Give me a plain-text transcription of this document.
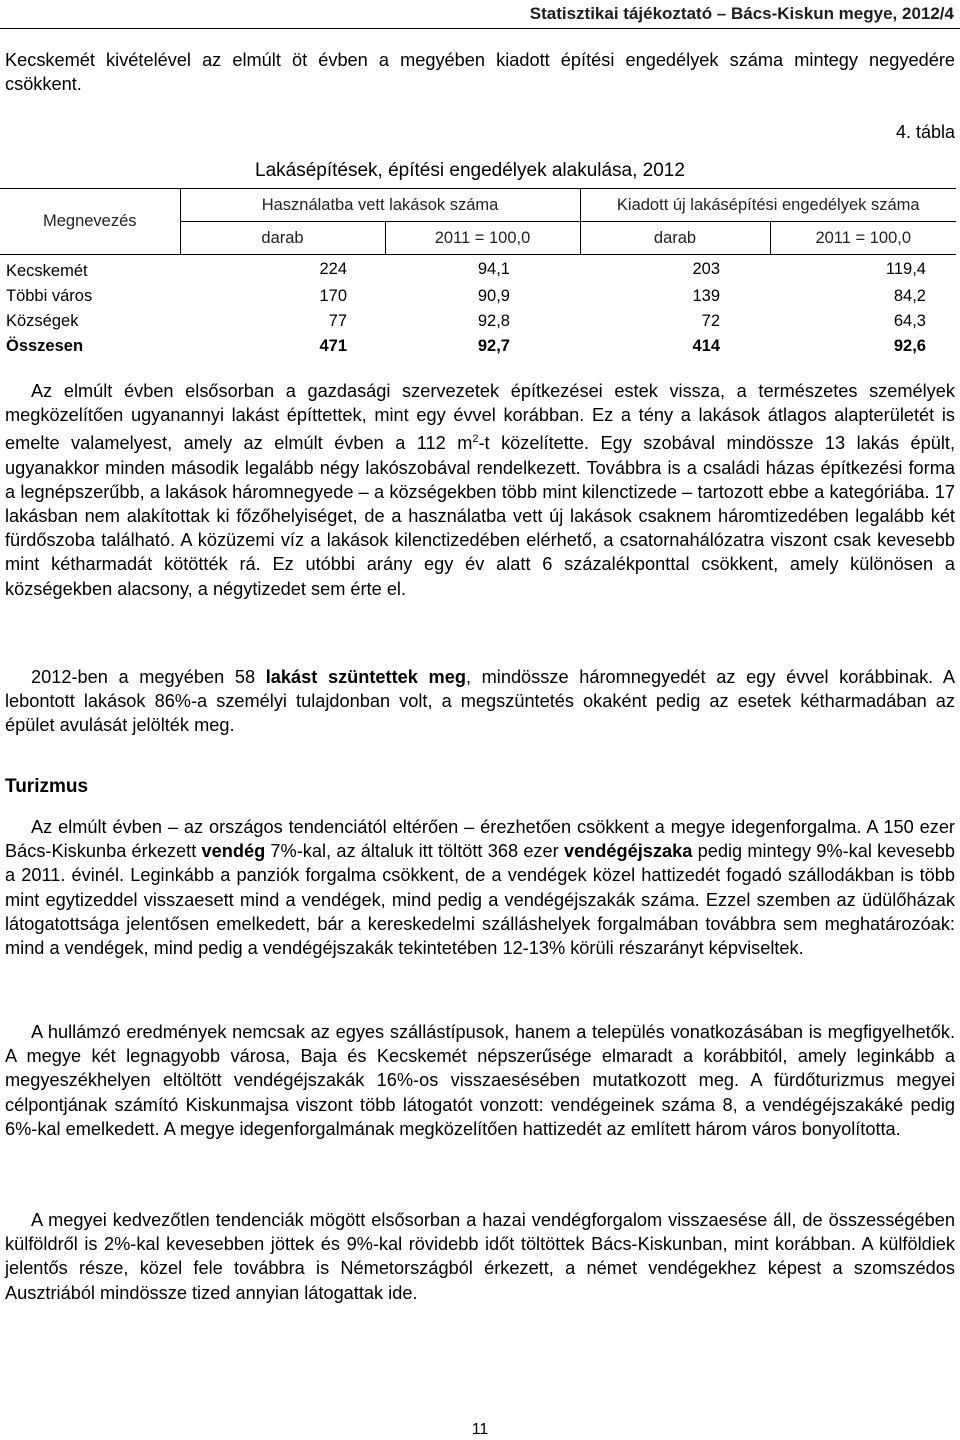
Statisztikai tájékoztató – Bács-Kiskun megye, 2012/4

Kecskemét kivételével az elmúlt öt évben a megyében kiadott építési engedélyek száma mintegy negyedére csökkent.

4. tábla
Lakásépítések, építési engedélyek alakulása, 2012
Megnevezés	Használatba vett lakások száma		Kiadott új lakásépítési engedélyek száma	
	darab	2011 = 100,0	darab	2011 = 100,0
Kecskemét	224	94,1	203	119,4
Többi város	170	90,9	139	84,2
Községek	77	92,8	72	64,3
Összesen	471	92,7	414	92,6

Az elmúlt évben elsősorban a gazdasági szervezetek építkezései estek vissza, a természetes személyek megközelítően ugyanannyi lakást építtettek, mint egy évvel korábban. Ez a tény a lakások átlagos alapterületét is emelte valamelyest, amely az elmúlt évben a 112 $m^2-t$ közelítette. Egy szobával mindössze 13 lakás épült, ugyanakkor minden második legalább négy lakószobával rendelkezett. Továbbra is a családi házas építkezési forma a legnépszerűbb, a lakások háromnegyede – a községekben több mint kilenctizede – tartozott ebbe a kategóriába. 17 lakásban nem alakítottak ki főzőhelyiséget, de a használatba vett új lakások csaknem háromtizedében legalább két fürdőszoba található. A közüzemi víz a lakások kilenctizedében elérhető, a csatornahálózatra viszont csak kevesebb mint kétharmadát kötötték rá. Ez utóbbi arány egy év alatt 6 százalékponttal csökkent, amely különösen a községekben alacsony, a négytizedet sem érte el.

2012-ben a megyében 58 lakást szüntettek meg, mindössze háromnegyedét az egy évvel korábbinak. A lebontott lakások 86%-a személyi tulajdonban volt, a megszüntetés okaként pedig az esetek kétharmadában az épület avulását jelölték meg.

Turizmus

Az elmúlt évben – az országos tendenciától eltérően – érezhetően csökkent a megye idegenforgalma. A 150 ezer Bács-Kiskunba érkezett vendég 7%-kal, az általuk itt töltött 368 ezer vendégéjszaka pedig mintegy 9%-kal kevesebb a 2011. évinél. Leginkább a panziók forgalma csökkent, de a vendégek közel hattizedét fogadó szállodákban is több mint egytizeddel visszaesett mind a vendégek, mind pedig a vendégéjszakák száma. Ezzel szemben az üdülőházak látogatottsága jelentősen emelkedett, bár a kereskedelmi szálláshelyek forgalmában továbbra sem meghatározóak: mind a vendégek, mind pedig a vendégéjszakák tekintetében 12-13% körüli részarányt képviseltek.

A hullámzó eredmények nemcsak az egyes szállástípusok, hanem a település vonatkozásában is megfigyelhetők. A megye két legnagyobb városa, Baja és Kecskemét népszerűsége elmaradt a korábbitól, amely leginkább a megyeszékhelyen eltöltött vendégéjszakák 16%-os visszaesésében mutatkozott meg. A fürdőturizmus megyei célpontjának számító Kiskunmajsa viszont több látogatót vonzott: vendégeinek száma 8, a vendégéjszakáké pedig 6%-kal emelkedett. A megye idegenforgalmának megközelítően hattizedét az említett három város bonyolította.

A megyei kedvezőtlen tendenciák mögött elsősorban a hazai vendégforgalom visszaesése áll, de összességében külföldről is 2%-kal kevesebben jöttek és 9%-kal rövidebb időt töltöttek Bács-Kiskunban, mint korábban. A külföldiek jelentős része, közel fele továbbra is Németországból érkezett, a német vendégekhez képest a szomszédos Ausztriából mindössze tized annyian látogattak ide.

11
